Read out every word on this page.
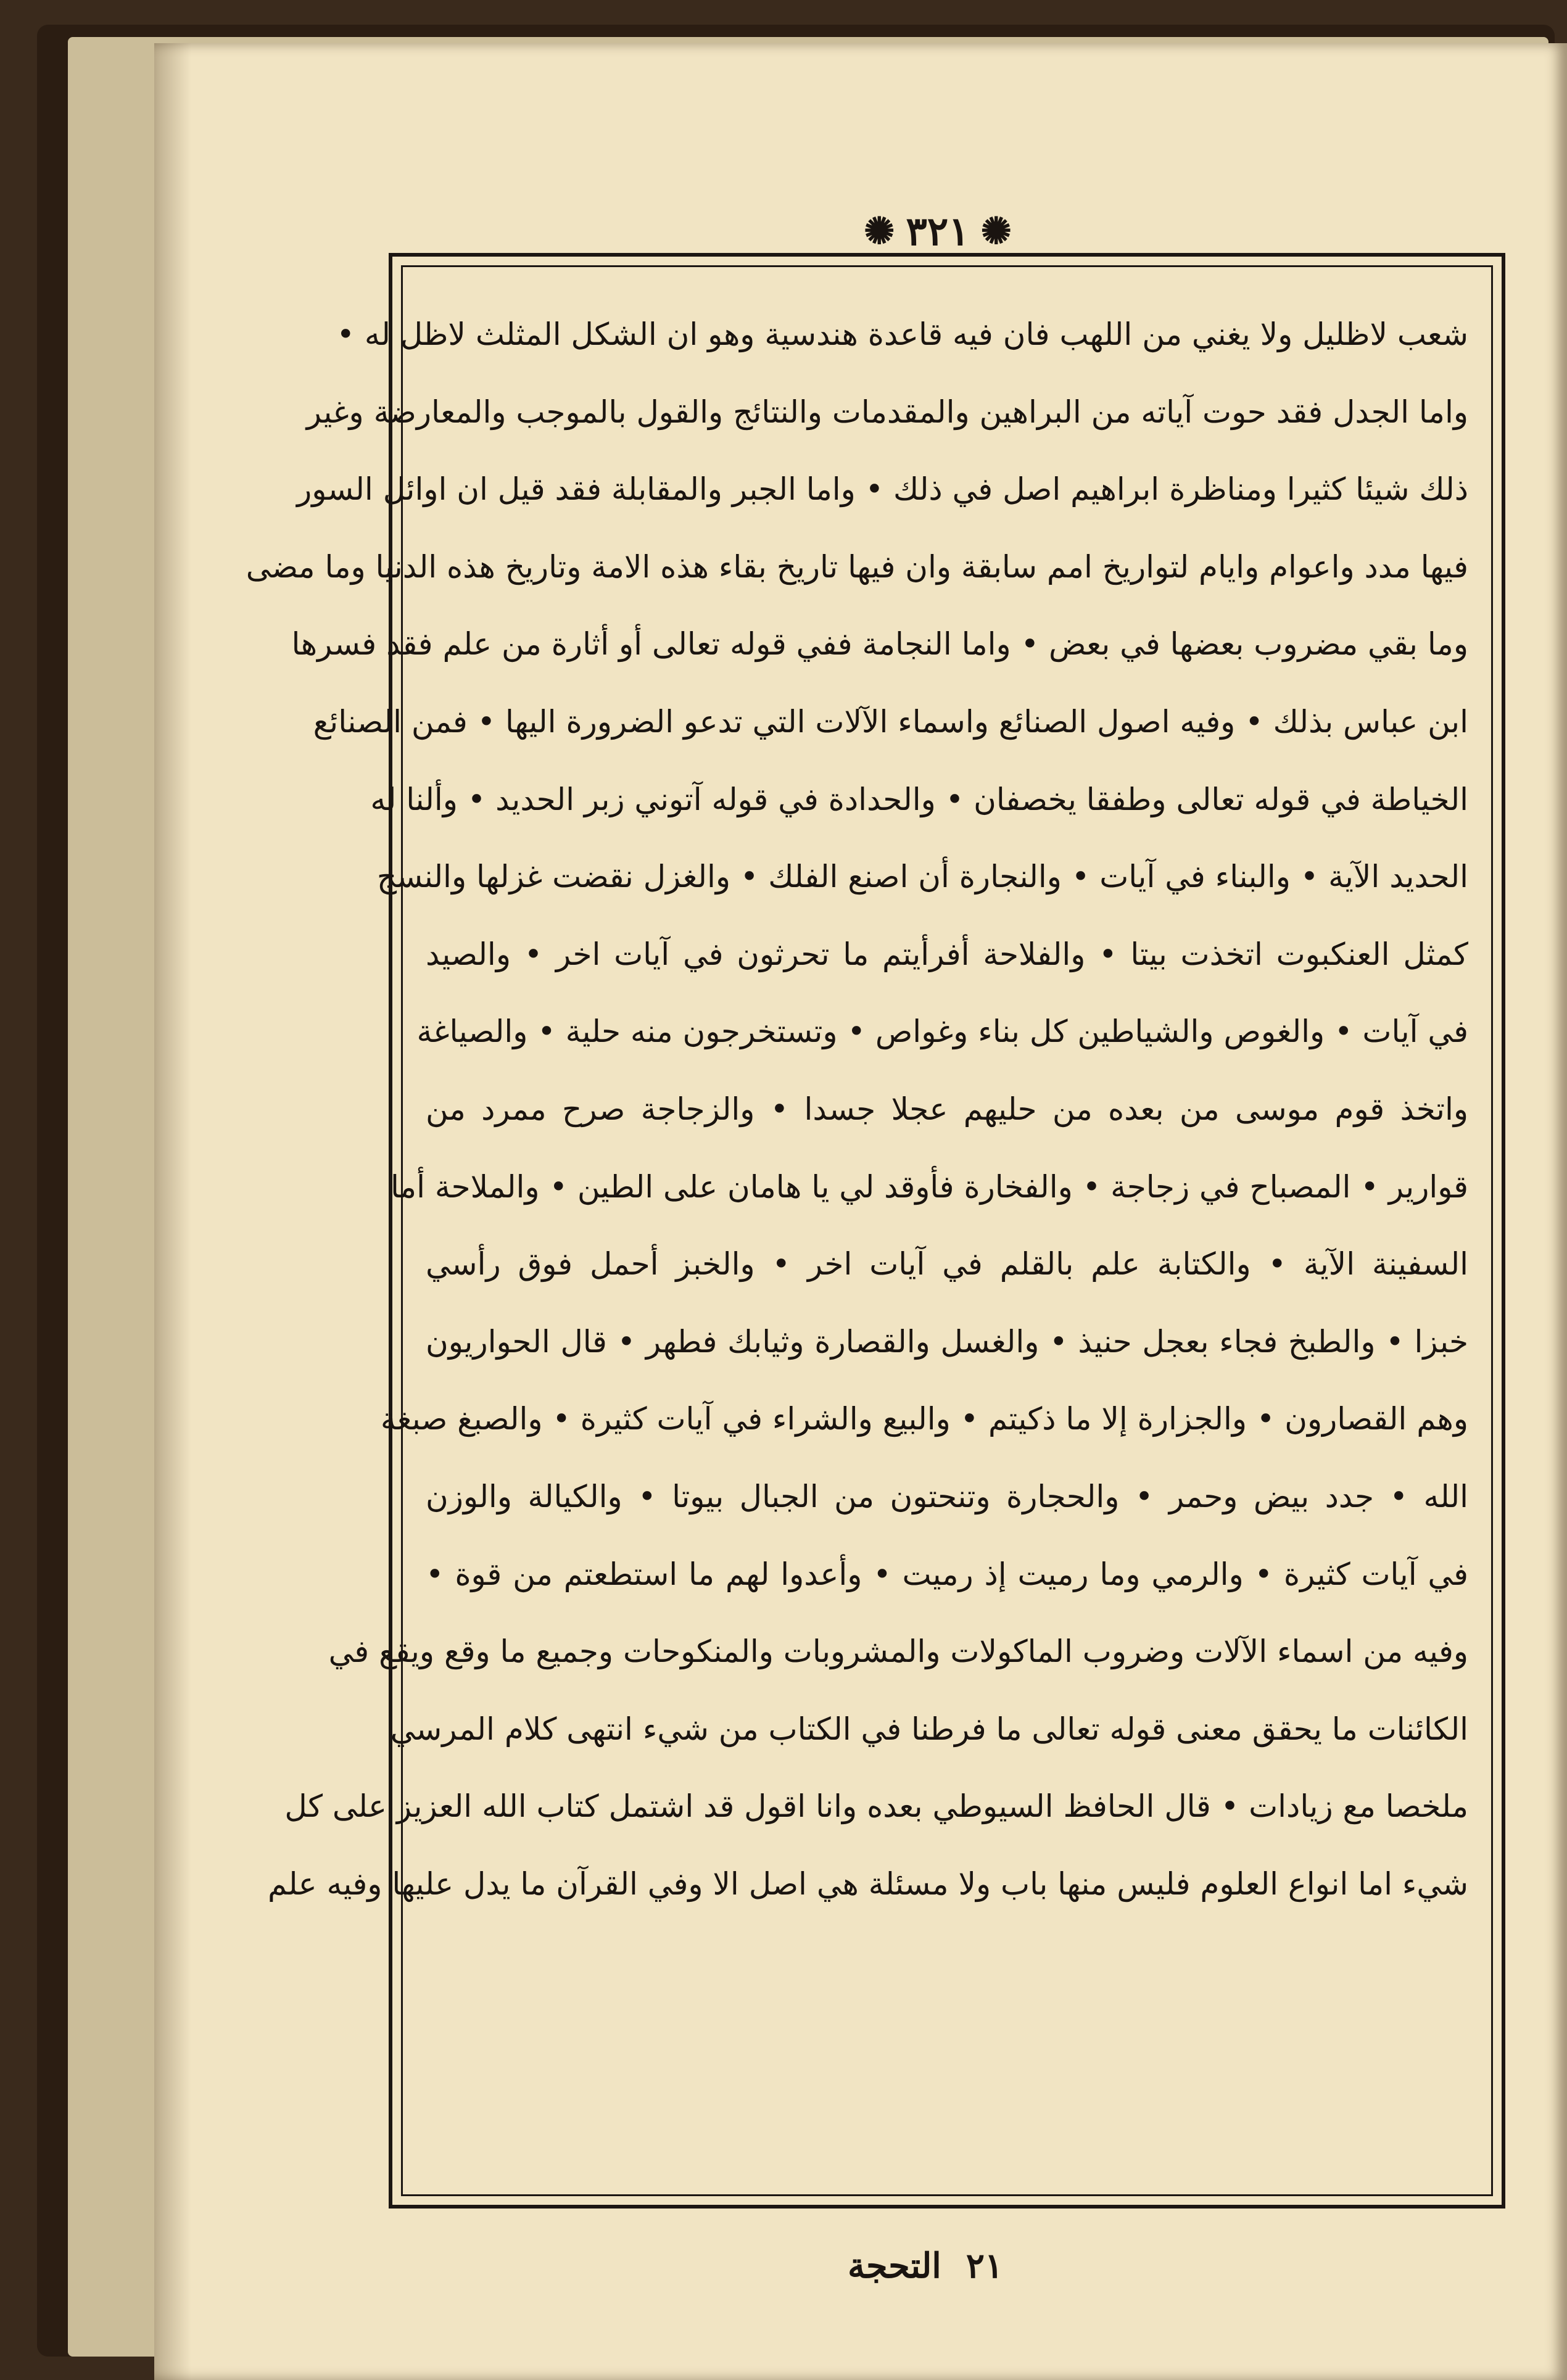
✺ ٣٢١ ✺
شعب لاظليل ولا يغني من اللهب فان فيه قاعدة هندسية وهو ان الشكل المثلث لاظل له •
واما الجدل فقد حوت آياته من البراهين والمقدمات والنتائج والقول بالموجب والمعارضة وغير
ذلك شيئا كثيرا ومناظرة ابراهيم اصل في ذلك • واما الجبر والمقابلة فقد قيل ان اوائل السور
فيها مدد واعوام وايام لتواريخ امم سابقة وان فيها تاريخ بقاء هذه الامة وتاريخ هذه الدنيا وما مضى
وما بقي مضروب بعضها في بعض • واما النجامة ففي قوله تعالى أو أثارة من علم فقد فسرها
ابن عباس بذلك • وفيه اصول الصنائع واسماء الآلات التي تدعو الضرورة اليها • فمن الصنائع
الخياطة في قوله تعالى وطفقا يخصفان • والحدادة في قوله آتوني زبر الحديد • وألنا له
الحديد الآية • والبناء في آيات • والنجارة أن اصنع الفلك • والغزل نقضت غزلها والنسج
كمثل العنكبوت اتخذت بيتا • والفلاحة أفرأيتم ما تحرثون في آيات اخر • والصيد
في آيات • والغوص والشياطين كل بناء وغواص • وتستخرجون منه حلية • والصياغة
واتخذ قوم موسى من بعده من حليهم عجلا جسدا • والزجاجة صرح ممرد من
قوارير • المصباح في زجاجة • والفخارة فأوقد لي يا هامان على الطين • والملاحة أما
السفينة الآية • والكتابة علم بالقلم في آيات اخر • والخبز أحمل فوق رأسي
خبزا • والطبخ فجاء بعجل حنيذ • والغسل والقصارة وثيابك فطهر • قال الحواريون
وهم القصارون • والجزارة إلا ما ذكيتم • والبيع والشراء في آيات كثيرة • والصبغ صبغة
الله • جدد بيض وحمر • والحجارة وتنحتون من الجبال بيوتا • والكيالة والوزن
في آيات كثيرة • والرمي وما رميت إذ رميت • وأعدوا لهم ما استطعتم من قوة •
وفيه من اسماء الآلات وضروب الماكولات والمشروبات والمنكوحات وجميع ما وقع ويقع في
الكائنات ما يحقق معنى قوله تعالى ما فرطنا في الكتاب من شيء انتهى كلام المرسي
ملخصا مع زيادات • قال الحافظ السيوطي بعده وانا اقول قد اشتمل كتاب الله العزيز على كل
شيء اما انواع العلوم فليس منها باب ولا مسئلة هي اصل الا وفي القرآن ما يدل عليها وفيه علم
٢١
التحجة
